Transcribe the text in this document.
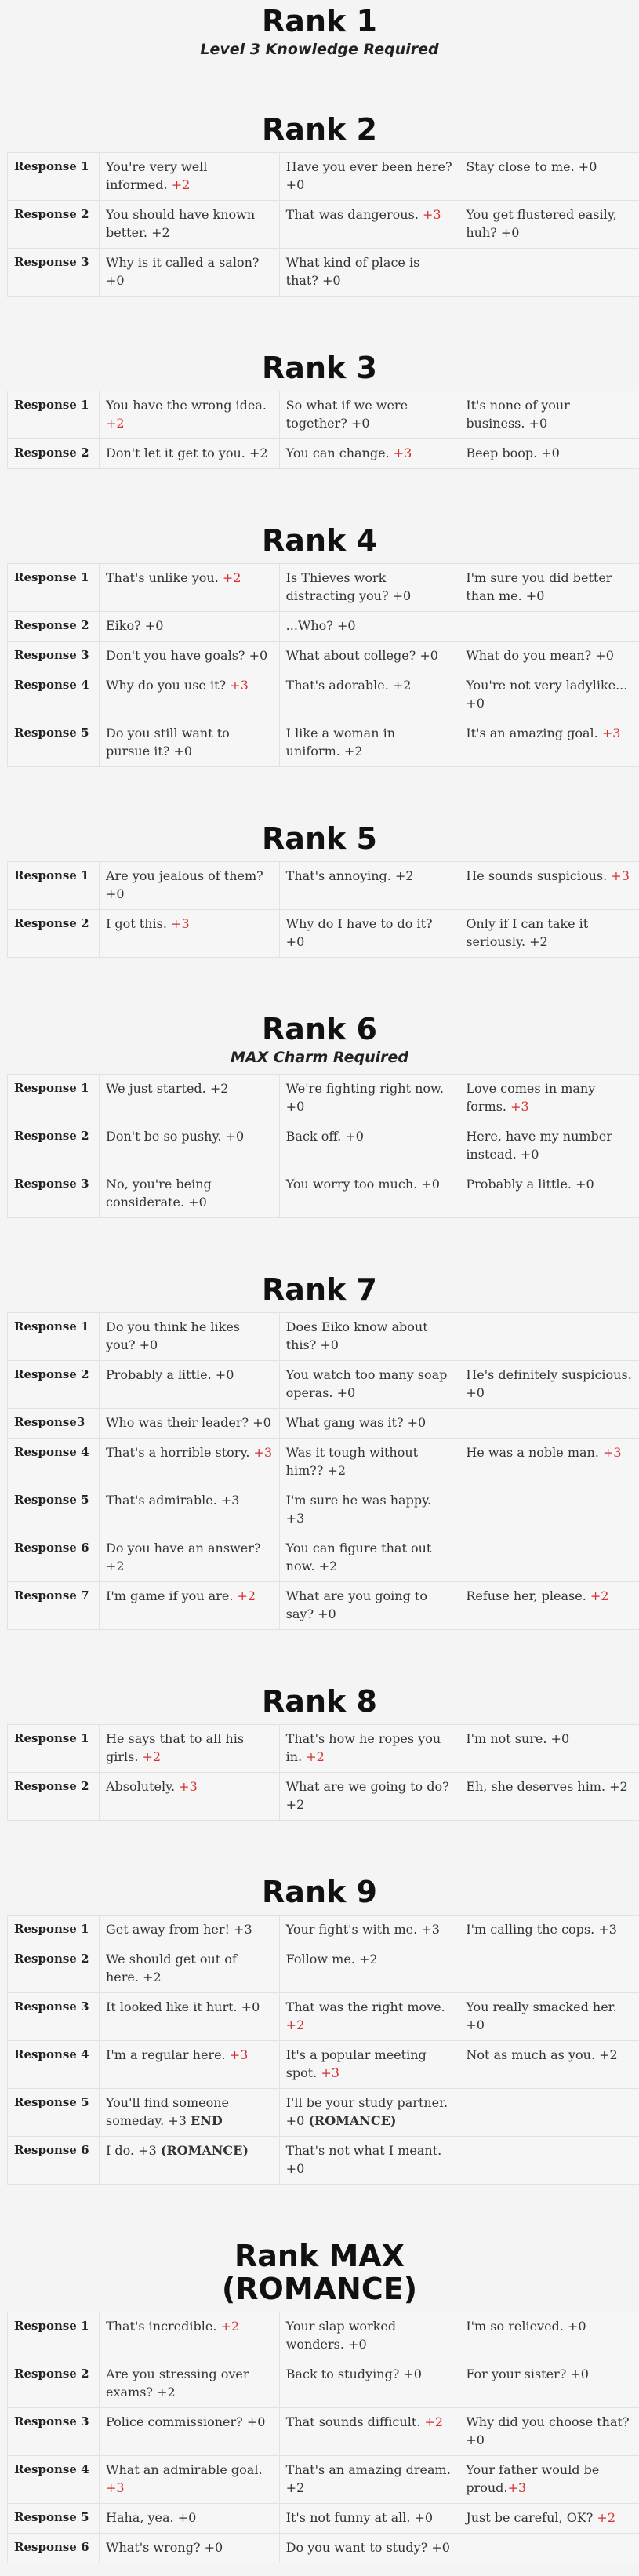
Rank 1
Level 3 Knowledge Required
Rank 2
Response 1	You're very well informed. +2	Have you ever been here? +0	Stay close to me. +0
Response 2	You should have known better. +2	That was dangerous. +3	You get flustered easily, huh? +0
Response 3	Why is it called a salon? +0	What kind of place is that? +0	
Rank 3
Response 1	You have the wrong idea. +2	So what if we were together? +0	It's none of your business. +0
Response 2	Don't let it get to you. +2	You can change. +3	Beep boop. +0
Rank 4
Response 1	That's unlike you. +2	Is Thieves work distracting you? +0	I'm sure you did better than me. +0
Response 2	Eiko? +0	...Who? +0	
Response 3	Don't you have goals? +0	What about college? +0	What do you mean? +0
Response 4	Why do you use it? +3	That's adorable. +2	You're not very ladylike... +0
Response 5	Do you still want to pursue it? +0	I like a woman in uniform. +2	It's an amazing goal. +3
Rank 5
Response 1	Are you jealous of them? +0	That's annoying. +2	He sounds suspicious. +3
Response 2	I got this. +3	Why do I have to do it? +0	Only if I can take it seriously. +2
Rank 6
MAX Charm Required
Response 1	We just started. +2	We're fighting right now. +0	Love comes in many forms. +3
Response 2	Don't be so pushy. +0	Back off. +0	Here, have my number instead. +0
Response 3	No, you're being considerate. +0	You worry too much. +0	Probably a little. +0
Rank 7
Response 1	Do you think he likes you? +0	Does Eiko know about this? +0	
Response 2	Probably a little. +0	You watch too many soap operas. +0	He's definitely suspicious. +0
Response3	Who was their leader? +0	What gang was it? +0	
Response 4	That's a horrible story. +3	Was it tough without him?? +2	He was a noble man. +3
Response 5	That's admirable. +3	I'm sure he was happy. +3	
Response 6	Do you have an answer? +2	You can figure that out now. +2	
Response 7	I'm game if you are. +2	What are you going to say? +0	Refuse her, please. +2
Rank 8
Response 1	He says that to all his girls. +2	That's how he ropes you in. +2	I'm not sure. +0
Response 2	Absolutely. +3	What are we going to do? +2	Eh, she deserves him. +2
Rank 9
Response 1	Get away from her! +3	Your fight's with me. +3	I'm calling the cops. +3
Response 2	We should get out of here. +2	Follow me. +2	
Response 3	It looked like it hurt. +0	That was the right move. +2	You really smacked her. +0
Response 4	I'm a regular here. +3	It's a popular meeting spot. +3	Not as much as you. +2
Response 5	You'll find someone someday. +3 END	I'll be your study partner. +0 (ROMANCE)	
Response 6	I do. +3 (ROMANCE)	That's not what I meant. +0	
Rank MAX
(ROMANCE)
Response 1	That's incredible. +2	Your slap worked wonders. +0	I'm so relieved. +0
Response 2	Are you stressing over exams? +2	Back to studying? +0	For your sister? +0
Response 3	Police commissioner? +0	That sounds difficult. +2	Why did you choose that? +0
Response 4	What an admirable goal. +3	That's an amazing dream. +2	Your father would be proud.+3
Response 5	Haha, yea. +0	It's not funny at all. +0	Just be careful, OK? +2
Response 6	What's wrong? +0	Do you want to study? +0	
